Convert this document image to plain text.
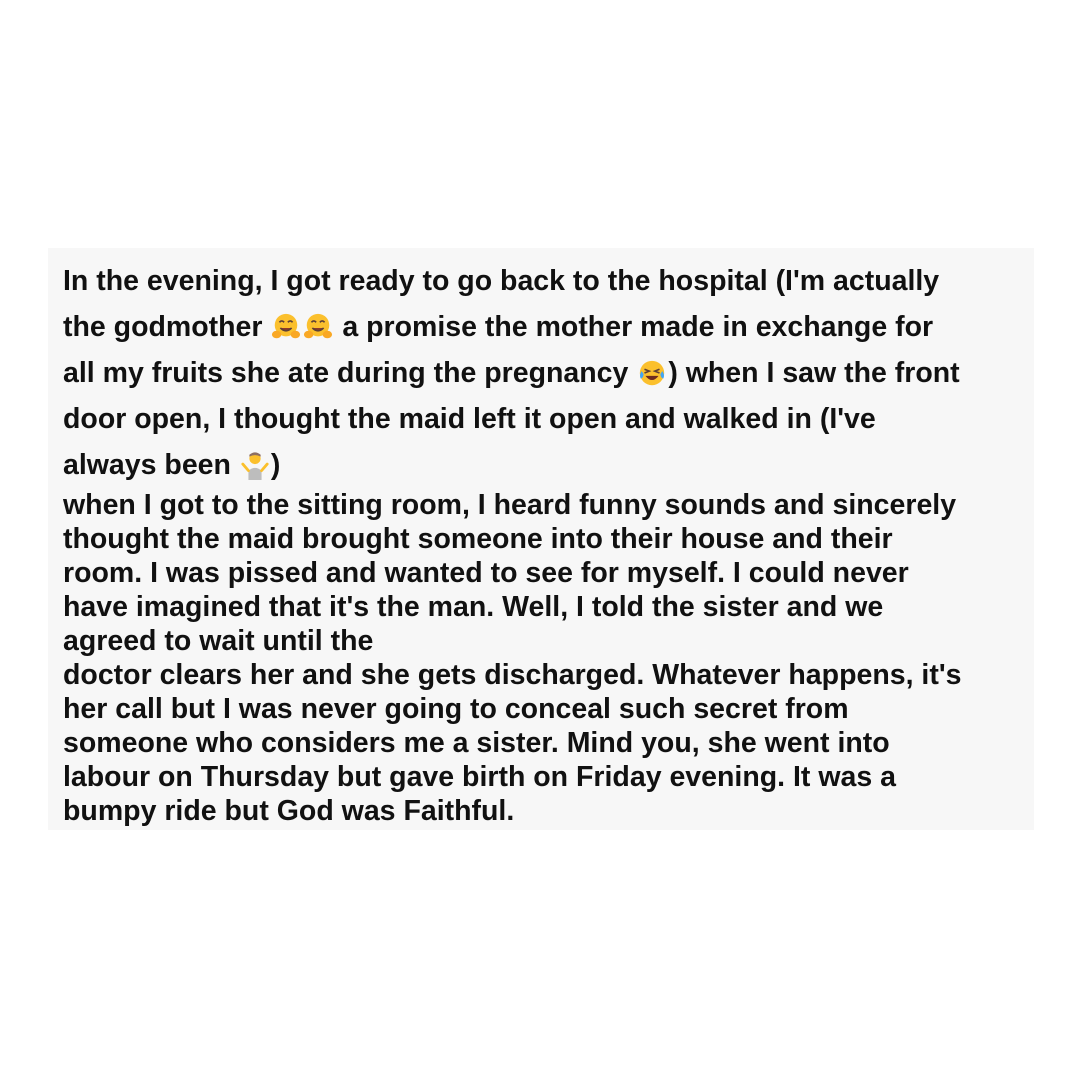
In the evening, I got ready to go back to the hospital (I'm actually
the godmother	a promise the mother made in exchange for
all my fruits she ate during the pregnancy ) when I saw the front
door open, I thought the maid left it open and walked in (I've
always been )
when I got to the sitting room, I heard funny sounds and sincerely
thought the maid brought someone into their house and their
room. I was pissed and wanted to see for myself. I could never
have imagined that it's the man. Well, I told the sister and we
agreed to wait until the
doctor clears her and she gets discharged. Whatever happens, it's
her call but I was never going to conceal such secret from
someone who considers me a sister. Mind you, she went into
labour on Thursday but gave birth on Friday evening. It was a
bumpy ride but God was Faithful.
